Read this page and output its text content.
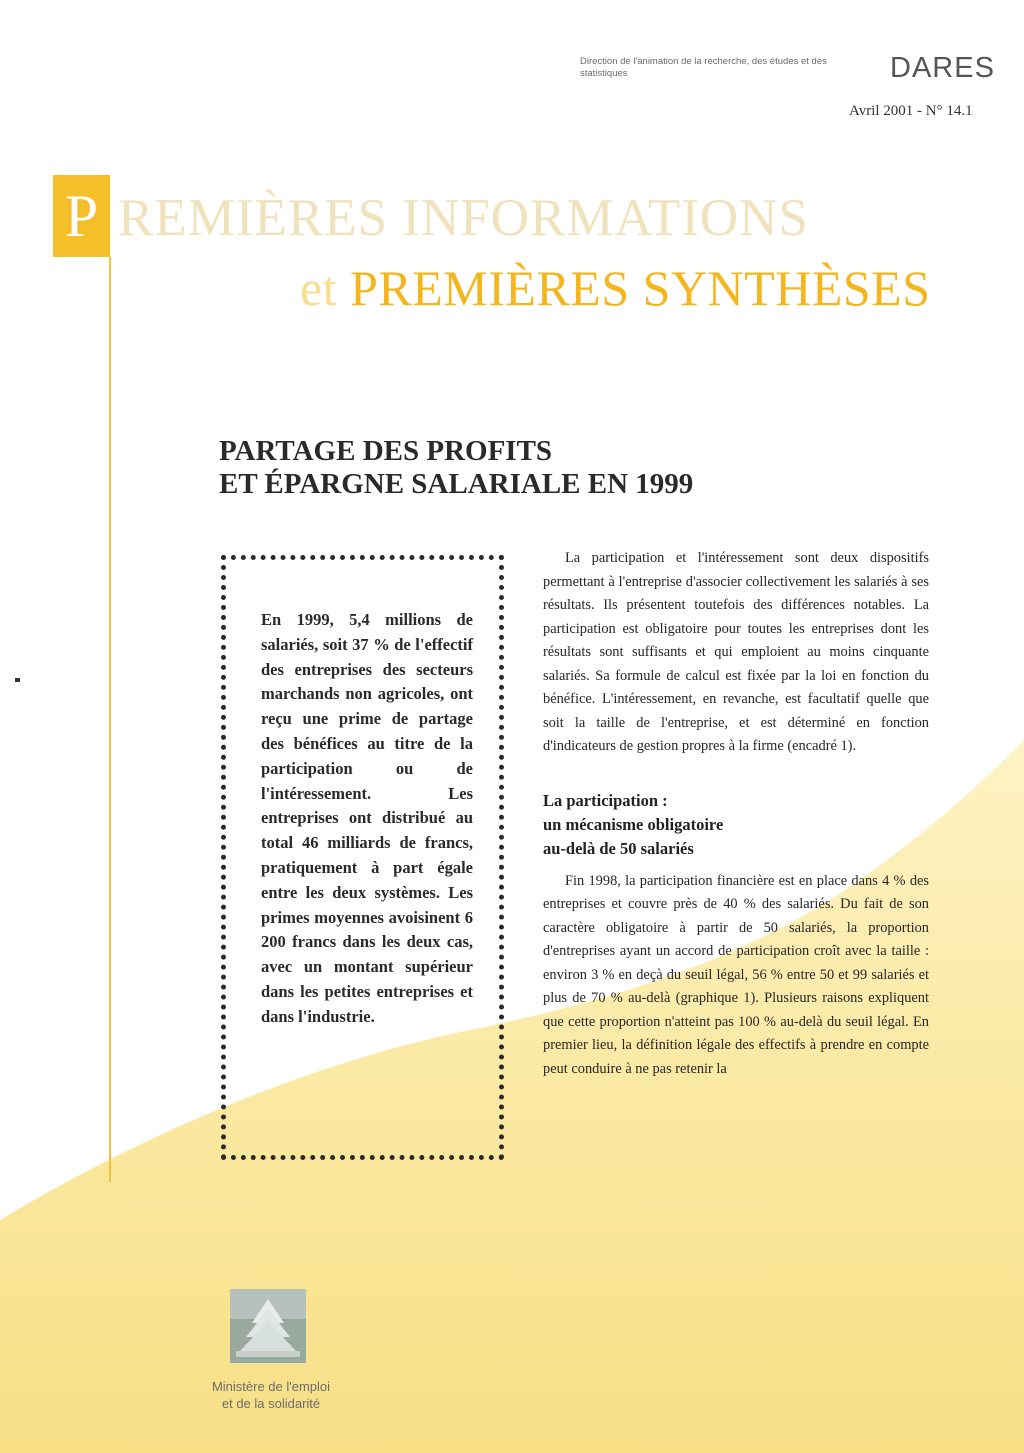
Direction de l'animation de la recherche, des études et des statistiques	DARES
Avril 2001 - N° 14.1
P REMIÈRES INFORMATIONS
et PREMIÈRES SYNTHÈSES
PARTAGE DES PROFITS
ET ÉPARGNE SALARIALE EN 1999
En 1999, 5,4 millions de salariés, soit 37 % de l'effectif des entreprises des secteurs marchands non agricoles, ont reçu une prime de partage des bénéfices au titre de la participation ou de l'intéressement. Les entreprises ont distribué au total 46 milliards de francs, pratiquement à part égale entre les deux systèmes. Les primes moyennes avoisinent 6 200 francs dans les deux cas, avec un montant supérieur dans les petites entreprises et dans l'industrie.

La participation et l'intéressement sont deux dispositifs permettant à l'entreprise d'associer collectivement les salariés à ses résultats. Ils présentent toutefois des différences notables. La participation est obligatoire pour toutes les entreprises dont les résultats sont suffisants et qui emploient au moins cinquante salariés. Sa formule de calcul est fixée par la loi en fonction du bénéfice. L'intéressement, en revanche, est facultatif quelle que soit la taille de l'entreprise, et est déterminé en fonction d'indicateurs de gestion propres à la firme (encadré 1).

La participation :
un mécanisme obligatoire
au-delà de 50 salariés

Fin 1998, la participation financière est en place dans 4 % des entreprises et couvre près de 40 % des salariés. Du fait de son caractère obligatoire à partir de 50 salariés, la proportion d'entreprises ayant un accord de participation croît avec la taille : environ 3 % en deçà du seuil légal, 56 % entre 50 et 99 salariés et plus de 70 % au-delà (graphique 1). Plusieurs raisons expliquent que cette proportion n'atteint pas 100 % au-delà du seuil légal. En premier lieu, la définition légale des effectifs à prendre en compte peut conduire à ne pas retenir la

Ministère de l'emploi
et de la solidarité
